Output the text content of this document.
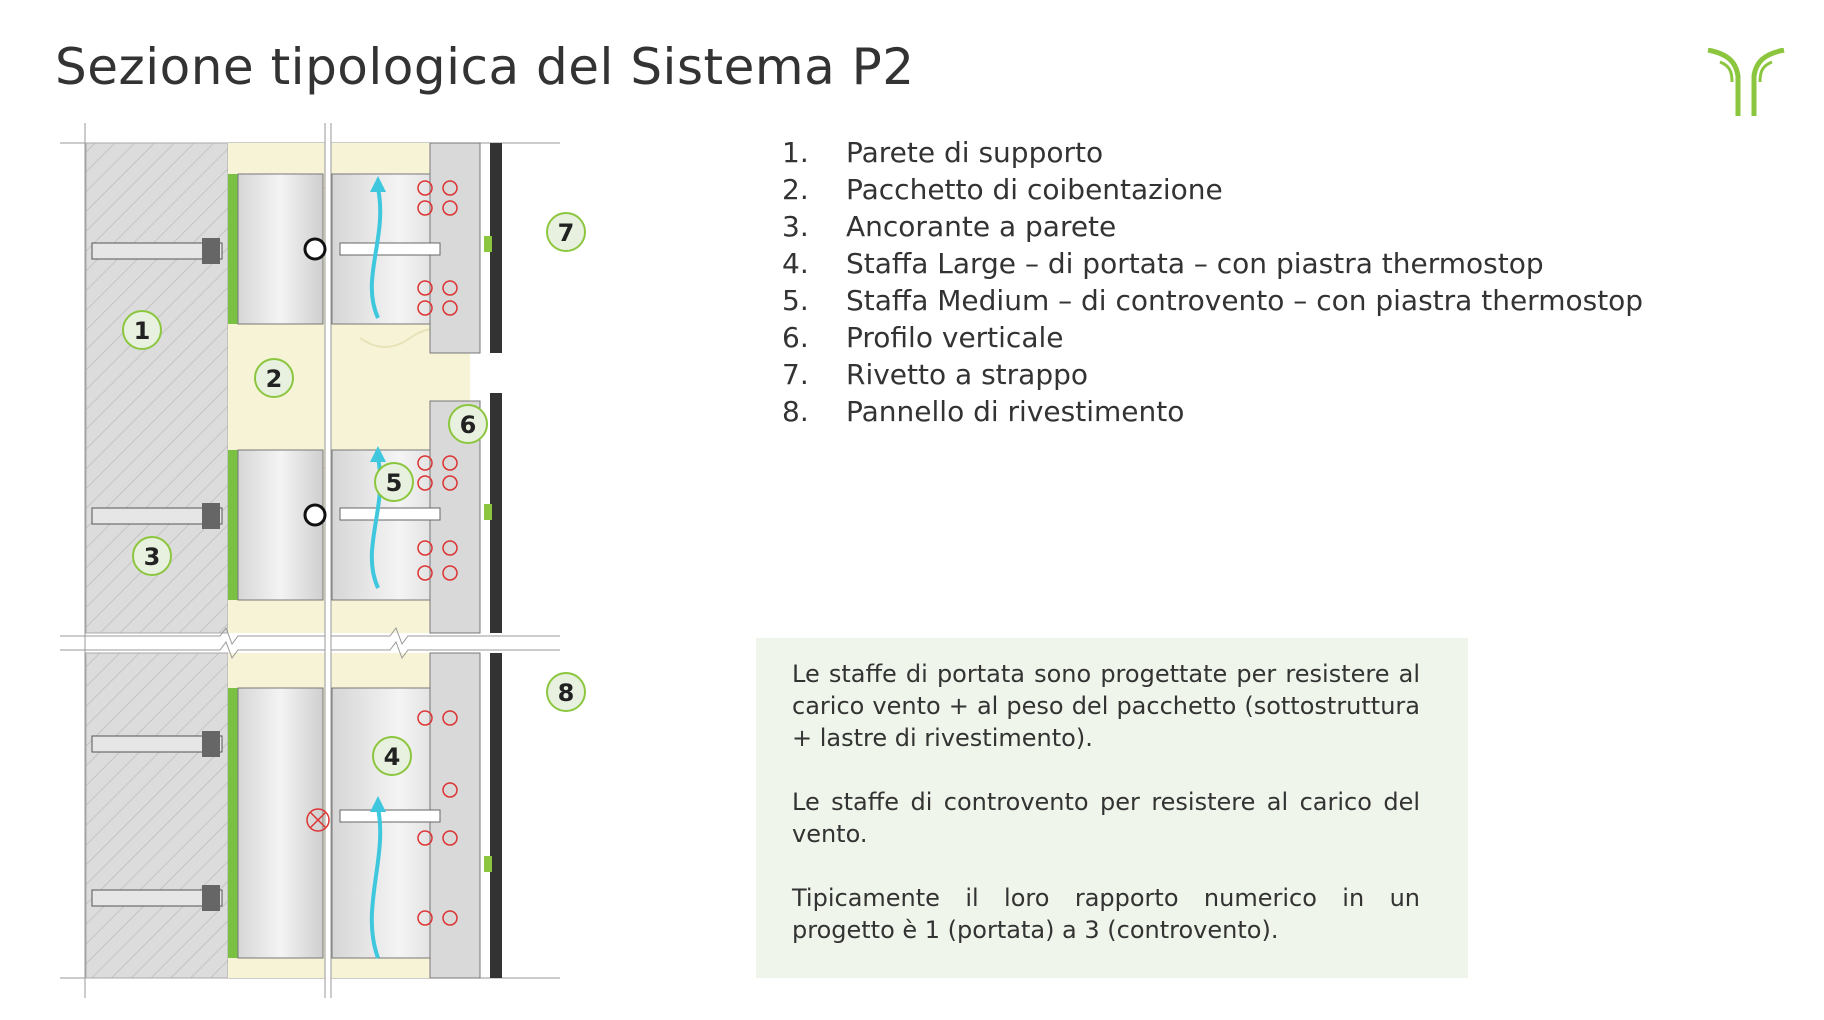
Sezione tipologica del Sistema P2
1
2
3
4
5
6
7
8
1. Parete di supporto
2. Pacchetto di coibentazione
3. Ancorante a parete
4. Staffa Large – di portata – con piastra thermostop
5. Staffa Medium – di controvento – con piastra thermostop
6. Profilo verticale
7. Rivetto a strappo
8. Pannello di rivestimento

Le staffe di portata sono progettate per resistere al carico vento + al peso del pacchetto (sottostruttura + lastre di rivestimento).

Le staffe di controvento per resistere al carico del vento.

Tipicamente il loro rapporto numerico in un progetto è 1 (portata) a 3 (controvento).
